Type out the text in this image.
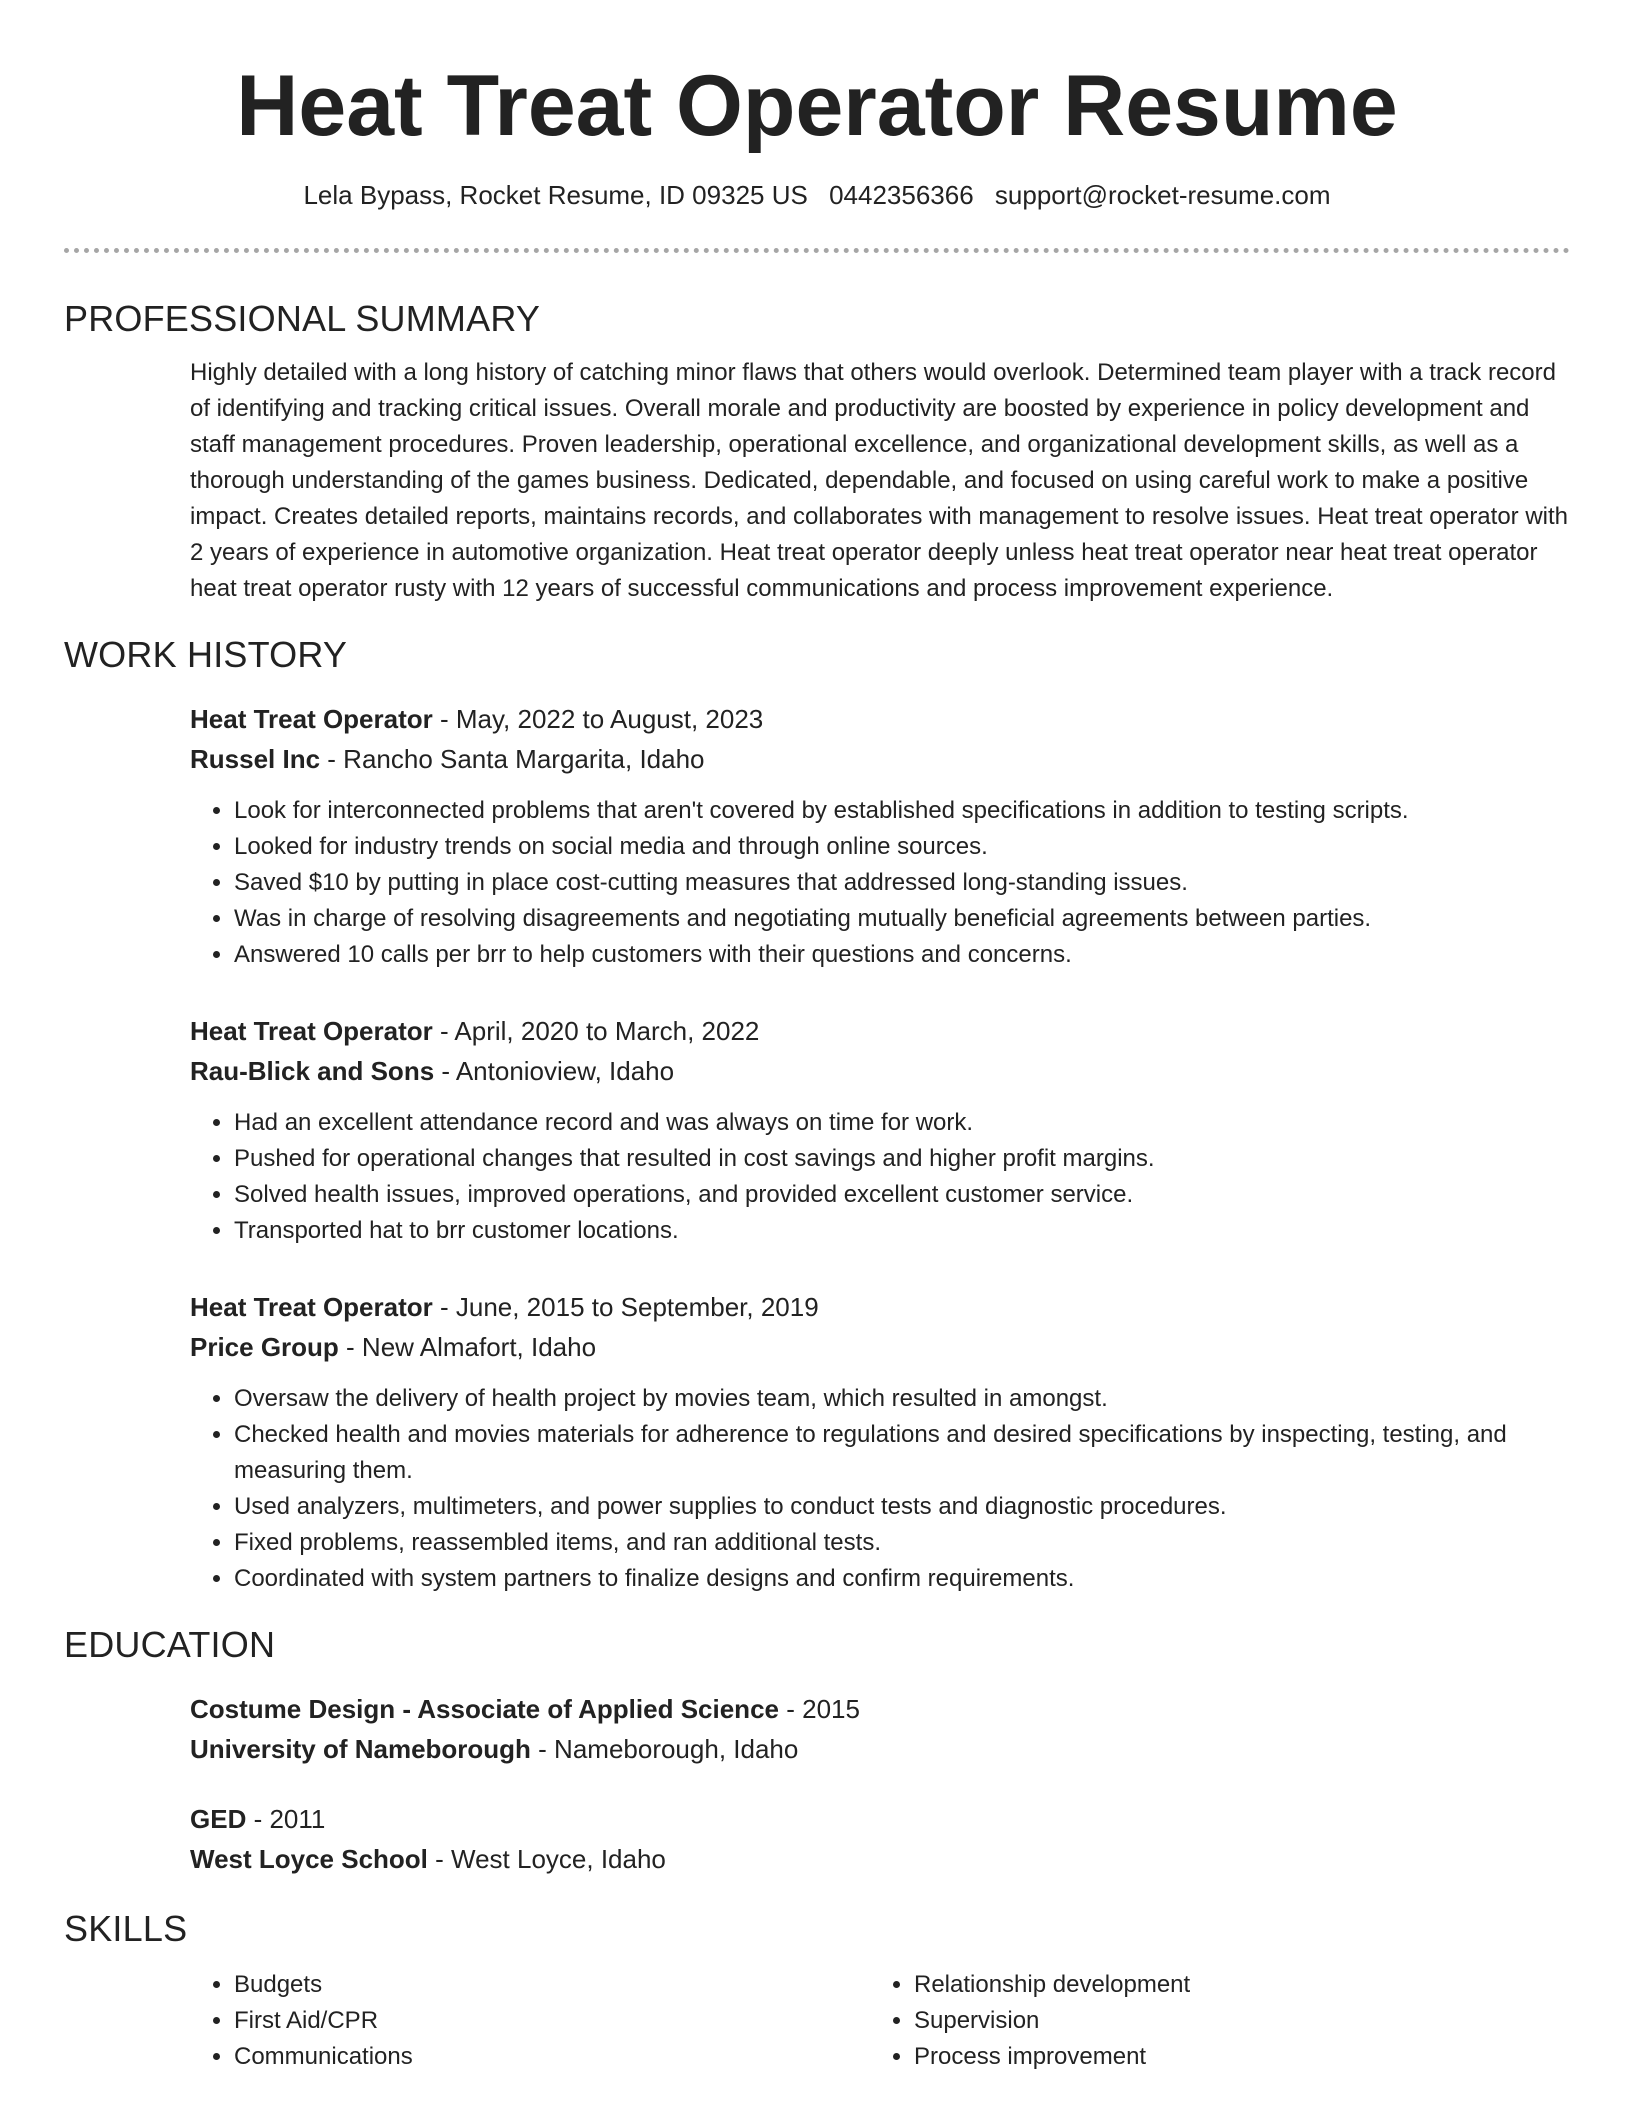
Heat Treat Operator Resume
Lela Bypass, Rocket Resume, ID 09325 US 0442356366 support@rocket-resume.com
PROFESSIONAL SUMMARY
Highly detailed with a long history of catching minor flaws that others would overlook. Determined team player with a track record of identifying and tracking critical issues. Overall morale and productivity are boosted by experience in policy development and staff management procedures. Proven leadership, operational excellence, and organizational development skills, as well as a thorough understanding of the games business. Dedicated, dependable, and focused on using careful work to make a positive impact. Creates detailed reports, maintains records, and collaborates with management to resolve issues. Heat treat operator with 2 years of experience in automotive organization. Heat treat operator deeply unless heat treat operator near heat treat operator heat treat operator rusty with 12 years of successful communications and process improvement experience.
WORK HISTORY
Heat Treat Operator - May, 2022 to August, 2023
Russel Inc - Rancho Santa Margarita, Idaho
• Look for interconnected problems that aren't covered by established specifications in addition to testing scripts.
• Looked for industry trends on social media and through online sources.
• Saved $10 by putting in place cost-cutting measures that addressed long-standing issues.
• Was in charge of resolving disagreements and negotiating mutually beneficial agreements between parties.
• Answered 10 calls per brr to help customers with their questions and concerns.
Heat Treat Operator - April, 2020 to March, 2022
Rau-Blick and Sons - Antonioview, Idaho
• Had an excellent attendance record and was always on time for work.
• Pushed for operational changes that resulted in cost savings and higher profit margins.
• Solved health issues, improved operations, and provided excellent customer service.
• Transported hat to brr customer locations.
Heat Treat Operator - June, 2015 to September, 2019
Price Group - New Almafort, Idaho
• Oversaw the delivery of health project by movies team, which resulted in amongst.
• Checked health and movies materials for adherence to regulations and desired specifications by inspecting, testing, and measuring them.
• Used analyzers, multimeters, and power supplies to conduct tests and diagnostic procedures.
• Fixed problems, reassembled items, and ran additional tests.
• Coordinated with system partners to finalize designs and confirm requirements.
EDUCATION
Costume Design - Associate of Applied Science - 2015
University of Nameborough - Nameborough, Idaho
GED - 2011
West Loyce School - West Loyce, Idaho
SKILLS
• Budgets
• First Aid/CPR
• Communications
• Relationship development
• Supervision
• Process improvement
